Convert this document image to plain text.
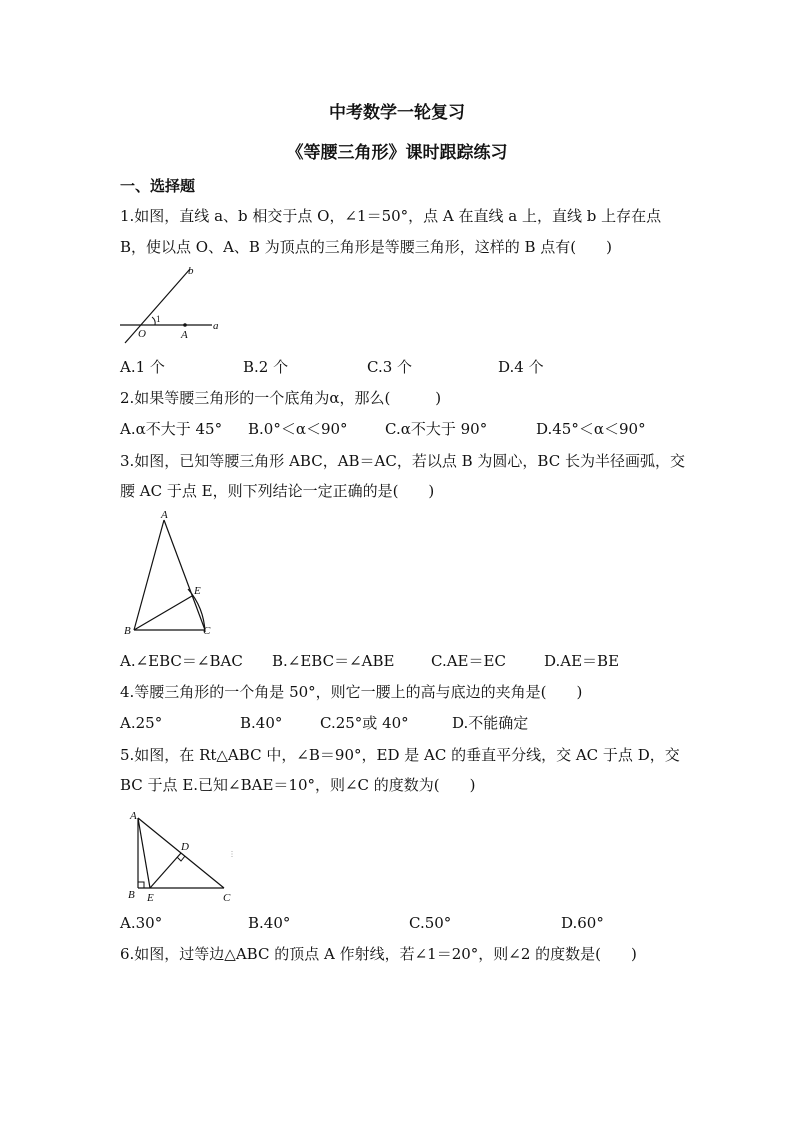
中考数学一轮复习
《等腰三角形》课时跟踪练习
一、选择题
1.如图，直线 a、b 相交于点 O，∠1＝50°，点 A 在直线 a 上，直线 b 上存在点
B，使以点 O、A、B 为顶点的三角形是等腰三角形，这样的 B 点有(　　)
b
a
O	A
1
A.1 个	B.2 个	C.3 个	D.4 个
2.如果等腰三角形的一个底角为α，那么(　　　)
A.α不大于 45° B.0°＜α＜90° C.α不大于 90°	D.45°＜α＜90°
3.如图，已知等腰三角形 ABC，AB＝AC，若以点 B 为圆心，BC 长为半径画弧，交
腰 AC 于点 E，则下列结论一定正确的是(　　)
A
B	C
E
A.∠EBC＝∠BAC B.∠EBC＝∠ABE C.AE＝EC	D.AE＝BE
4.等腰三角形的一个角是 50°，则它一腰上的高与底边的夹角是(　　)
A.25°	B.40°	C.25°或 40°	D.不能确定
5.如图，在 Rt△ABC 中，∠B＝90°，ED 是 AC 的垂直平分线，交 AC 于点 D，交
BC 于点 E.已知∠BAE＝10°，则∠C 的度数为(　　)
A
B	C
D
E
A.30°	B.40°	C.50°	D.60°
6.如图，过等边△ABC 的顶点 A 作射线，若∠1＝20°，则∠2 的度数是(　　)
